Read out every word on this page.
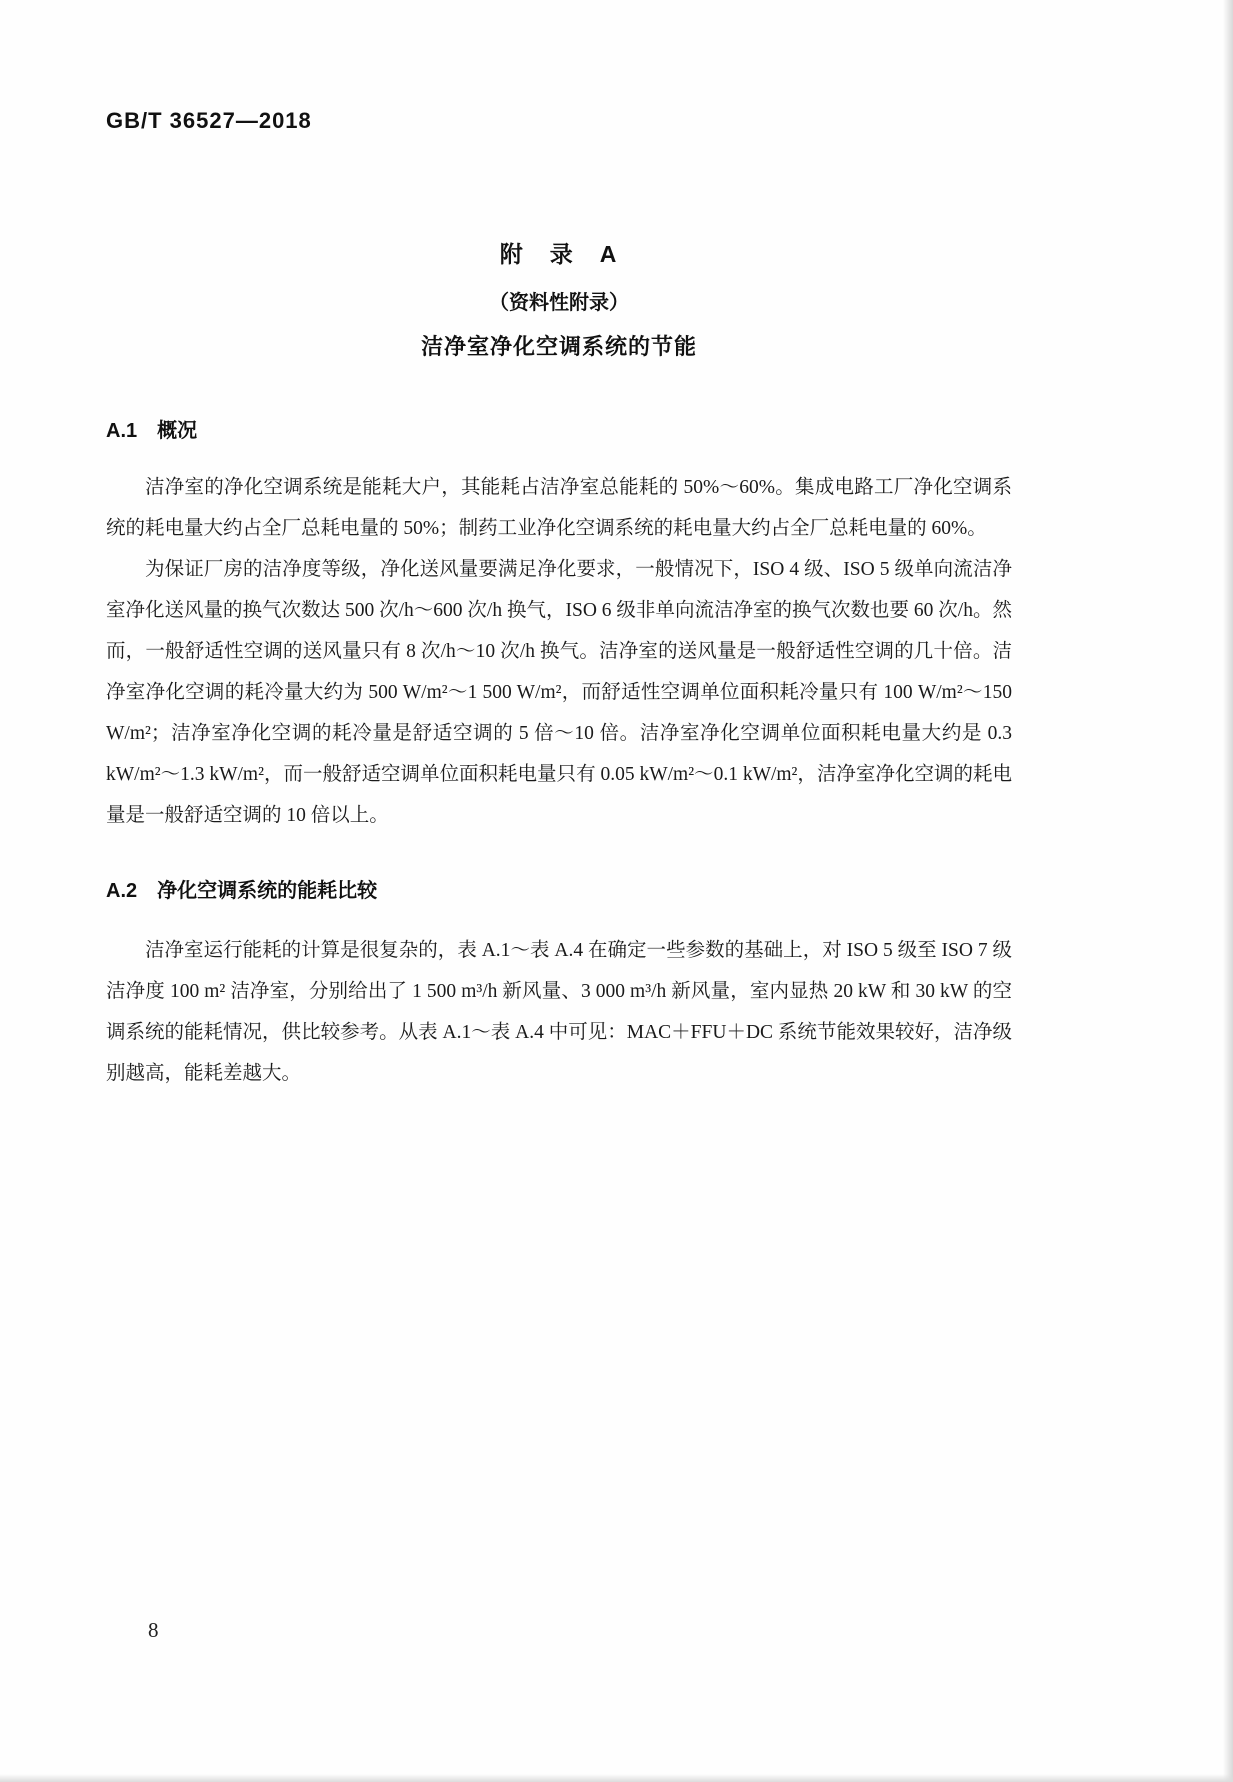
GB/T 36527—2018
附　录　A
（资料性附录）
洁净室净化空调系统的节能
A.1　概况

洁净室的净化空调系统是能耗大户，其能耗占洁净室总能耗的 50%～60%。集成电路工厂净化空调系统的耗电量大约占全厂总耗电量的 50%；制药工业净化空调系统的耗电量大约占全厂总耗电量的 60%。

为保证厂房的洁净度等级，净化送风量要满足净化要求，一般情况下，ISO 4 级、ISO 5 级单向流洁净室净化送风量的换气次数达 500 次/h～600 次/h 换气，ISO 6 级非单向流洁净室的换气次数也要 60 次/h。然而，一般舒适性空调的送风量只有 8 次/h～10 次/h 换气。洁净室的送风量是一般舒适性空调的几十倍。洁净室净化空调的耗冷量大约为 500 W/m²～1 500 W/m²，而舒适性空调单位面积耗冷量只有 100 W/m²～150 W/m²；洁净室净化空调的耗冷量是舒适空调的 5 倍～10 倍。洁净室净化空调单位面积耗电量大约是 0.3 kW/m²～1.3 kW/m²，而一般舒适空调单位面积耗电量只有 0.05 kW/m²～0.1 kW/m²，洁净室净化空调的耗电量是一般舒适空调的 10 倍以上。

A.2　净化空调系统的能耗比较

洁净室运行能耗的计算是很复杂的，表 A.1～表 A.4 在确定一些参数的基础上，对 ISO 5 级至 ISO 7 级洁净度 100 m² 洁净室，分别给出了 1 500 m³/h 新风量、3 000 m³/h 新风量，室内显热 20 kW 和 30 kW 的空调系统的能耗情况，供比较参考。从表 A.1～表 A.4 中可见：MAC＋FFU＋DC 系统节能效果较好，洁净级别越高，能耗差越大。

8
